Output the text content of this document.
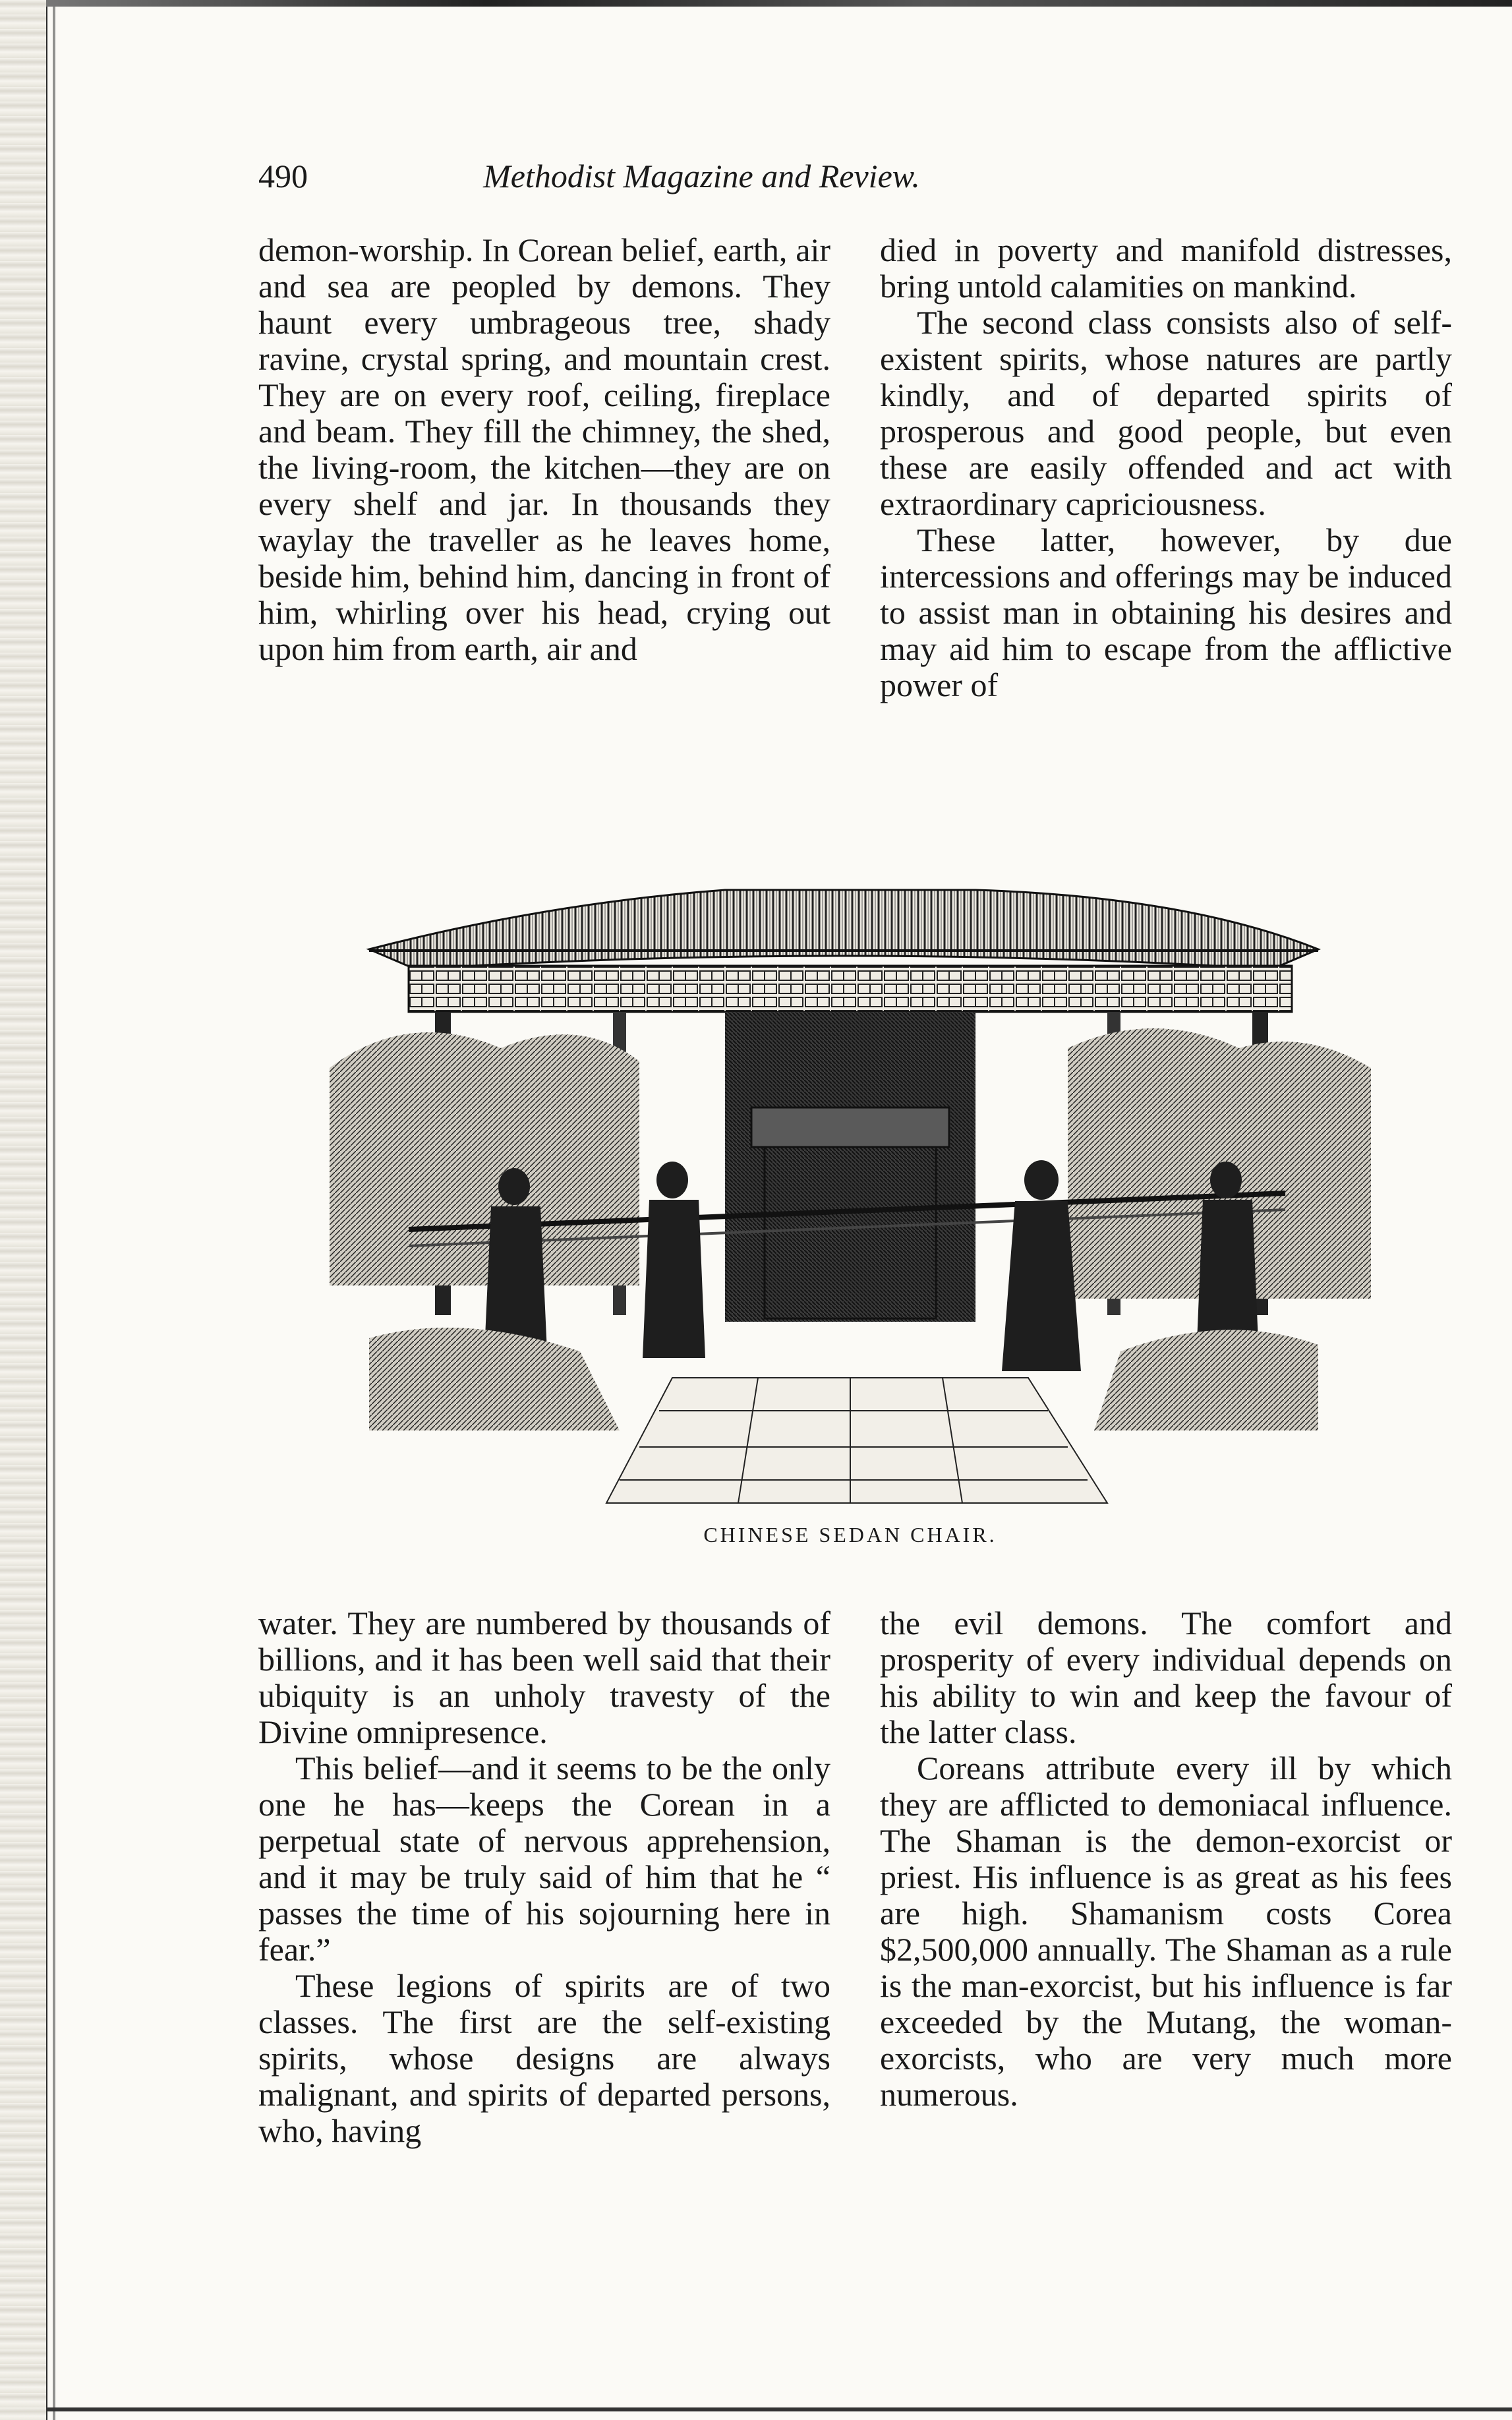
490	Methodist Magazine and Review.

demon-worship. In Corean belief, earth, air and sea are peopled by demons. They haunt every umbrageous tree, shady ravine, crystal spring, and mountain crest. They are on every roof, ceiling, fireplace and beam. They fill the chimney, the shed, the living-room, the kitchen—they are on every shelf and jar. In thousands they waylay the traveller as he leaves home, beside him, behind him, dancing in front of him, whirling over his head, crying out upon him from earth, air and

died in poverty and manifold distresses, bring untold calamities on mankind.

The second class consists also of self-existent spirits, whose natures are partly kindly, and of departed spirits of prosperous and good people, but even these are easily offended and act with extraordinary capriciousness.

These latter, however, by due intercessions and offerings may be induced to assist man in obtaining his desires and may aid him to escape from the afflictive power of

CHINESE SEDAN CHAIR.

water. They are numbered by thousands of billions, and it has been well said that their ubiquity is an unholy travesty of the Divine omnipresence.

This belief—and it seems to be the only one he has—keeps the Corean in a perpetual state of nervous apprehension, and it may be truly said of him that he “ passes the time of his sojourning here in fear.”

These legions of spirits are of two classes. The first are the self-existing spirits, whose designs are always malignant, and spirits of departed persons, who, having

the evil demons. The comfort and prosperity of every individual depends on his ability to win and keep the favour of the latter class.

Coreans attribute every ill by which they are afflicted to demoniacal influence. The Shaman is the demon-exorcist or priest. His influence is as great as his fees are high. Shamanism costs Corea $2,500,000 annually. The Shaman as a rule is the man-exorcist, but his influence is far exceeded by the Mutang, the woman-exorcists, who are very much more numerous.
